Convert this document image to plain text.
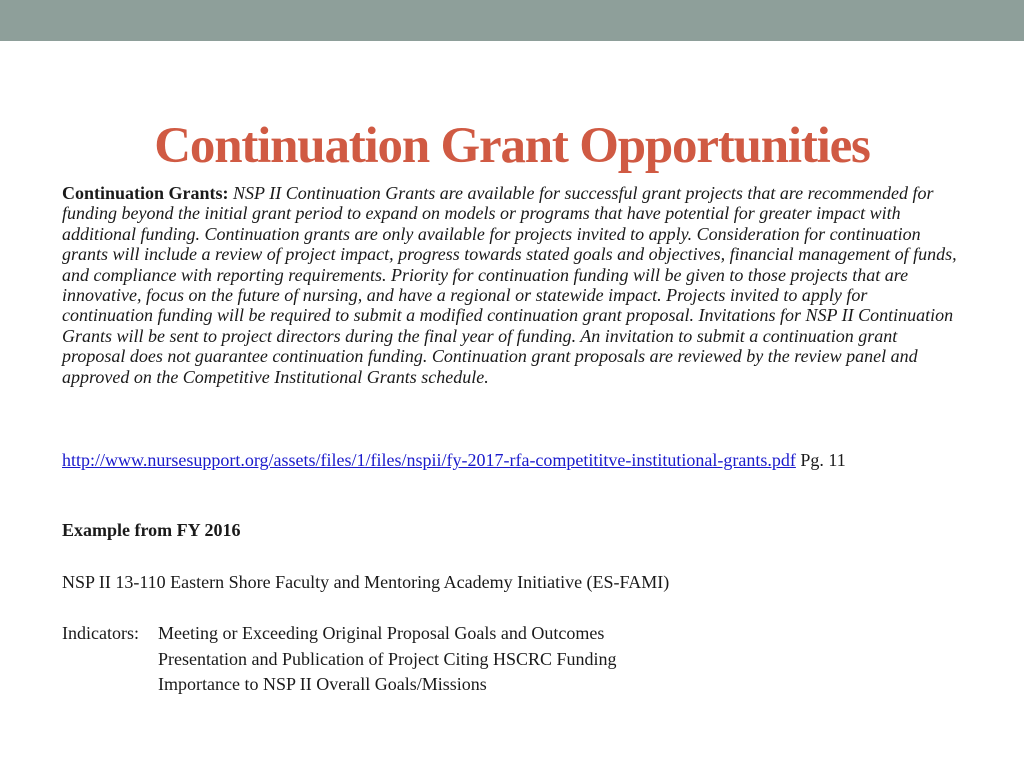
Continuation Grant Opportunities

Continuation Grants: NSP II Continuation Grants are available for successful grant projects that are recommended for funding beyond the initial grant period to expand on models or programs that have potential for greater impact with additional funding. Continuation grants are only available for projects invited to apply. Consideration for continuation grants will include a review of project impact, progress towards stated goals and objectives, financial management of funds, and compliance with reporting requirements. Priority for continuation funding will be given to those projects that are innovative, focus on the future of nursing, and have a regional or statewide impact. Projects invited to apply for continuation funding will be required to submit a modified continuation grant proposal. Invitations for NSP II Continuation Grants will be sent to project directors during the final year of funding. An invitation to submit a continuation grant proposal does not guarantee continuation funding. Continuation grant proposals are reviewed by the review panel and approved on the Competitive Institutional Grants schedule.

http://www.nursesupport.org/assets/files/1/files/nspii/fy-2017-rfa-competititve-institutional-grants.pdf Pg. 11

Example from FY 2016

NSP II 13-110 Eastern Shore Faculty and Mentoring Academy Initiative (ES-FAMI)

Indicators: Meeting or Exceeding Original Proposal Goals and Outcomes
Presentation and Publication of Project Citing HSCRC Funding
Importance to NSP II Overall Goals/Missions
